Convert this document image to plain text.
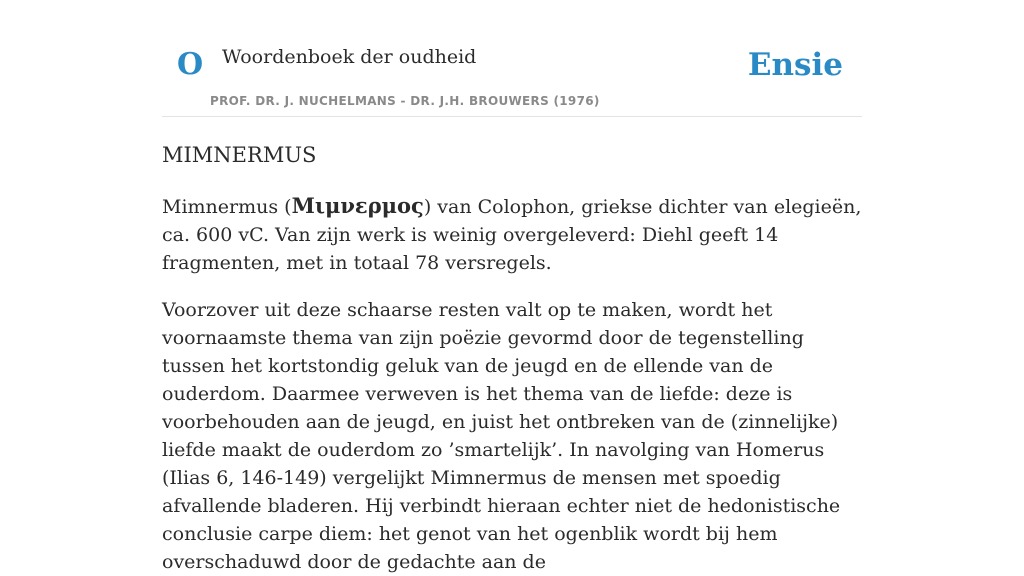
O Woordenboek der oudheid
PROF. DR. J. NUCHELMANS - DR. J.H. BROUWERS (1976)
Ensie
MIMNERMUS

Mimnermus (Μιμνερμος) van Colophon, griekse dichter van elegieën, ca. 600 vC. Van zijn werk is weinig overgeleverd: Diehl geeft 14 fragmenten, met in totaal 78 versregels.

Voorzover uit deze schaarse resten valt op te maken, wordt het voornaamste thema van zijn poëzie gevormd door de tegenstelling tussen het kortstondig geluk van de jeugd en de ellende van de ouderdom. Daarmee verweven is het thema van de liefde: deze is voorbehouden aan de jeugd, en juist het ontbreken van de (zinnelijke) liefde maakt de ouderdom zo ’smartelijk’. In navolging van Homerus (Ilias 6, 146-149) vergelijkt Mimnermus de mensen met spoedig afvallende bladeren. Hij verbindt hieraan echter niet de hedonistische conclusie carpe diem: het genot van het ogenblik wordt bij hem overschaduwd door de gedachte aan de
